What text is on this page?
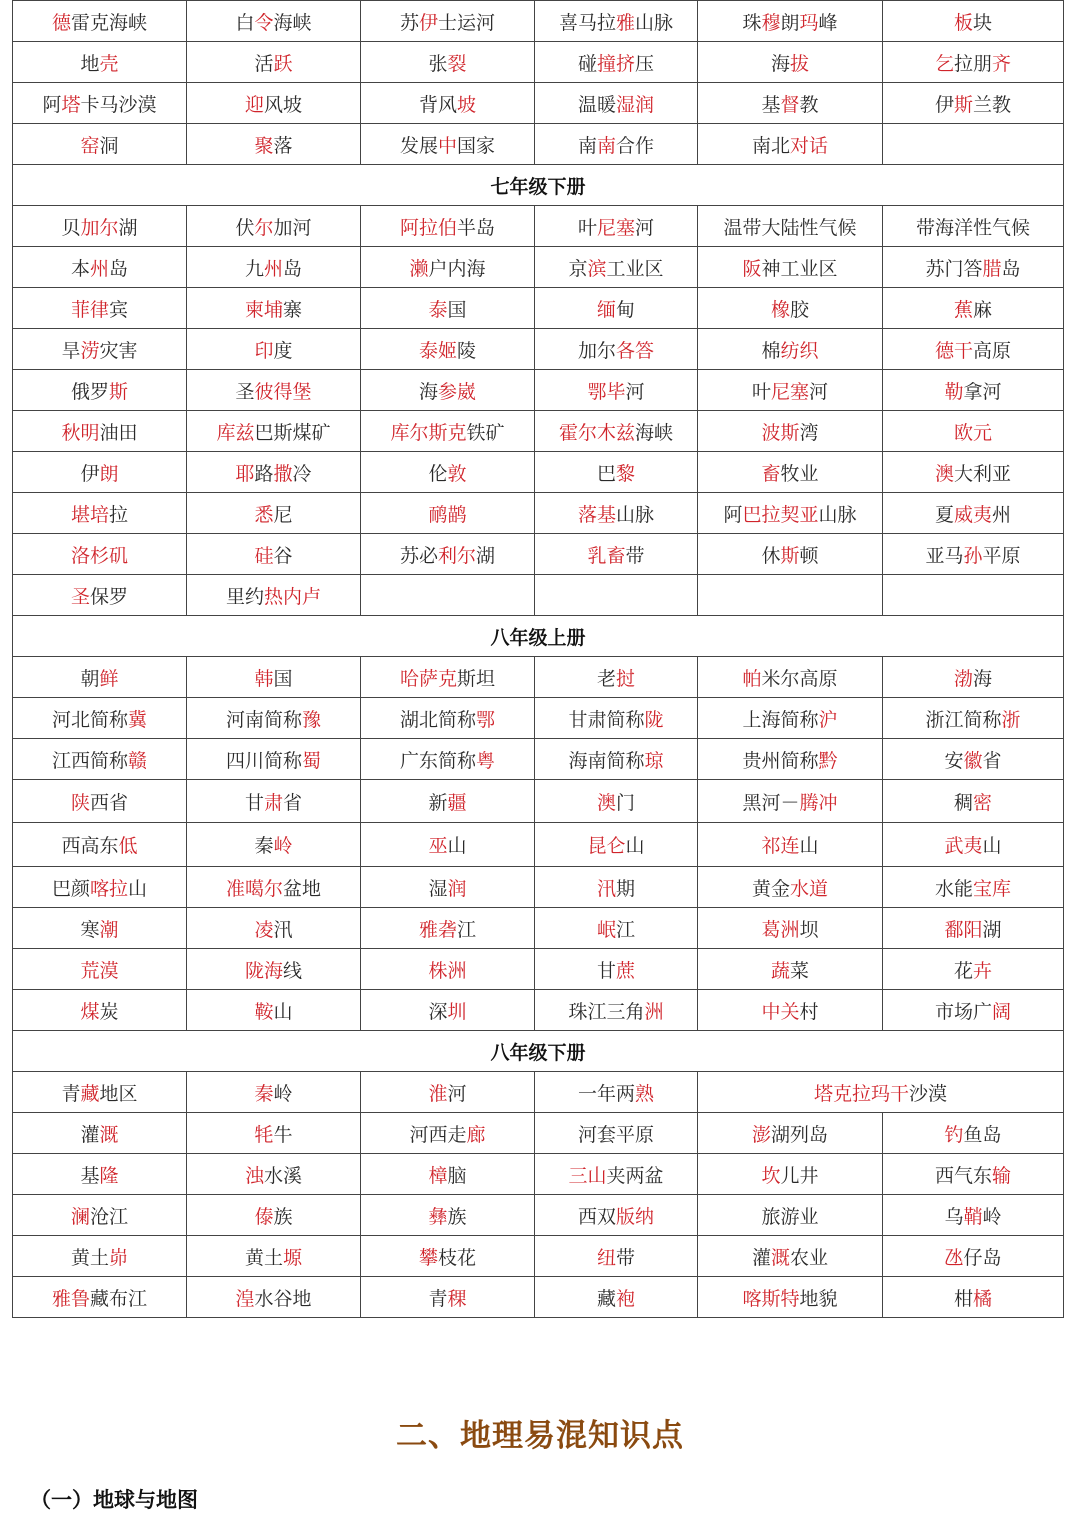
德雷克海峡	白令海峡	苏伊士运河	喜马拉雅山脉	珠穆朗玛峰	板块
地壳	活跃	张裂	碰撞挤压	海拔	乞拉朋齐
阿塔卡马沙漠	迎风坡	背风坡	温暖湿润	基督教	伊斯兰教
窑洞	聚落	发展中国家	南南合作	南北对话	
七年级下册					
贝加尔湖	伏尔加河	阿拉伯半岛	叶尼塞河	温带大陆性气候	带海洋性气候
本州岛	九州岛	濑户内海	京滨工业区	阪神工业区	苏门答腊岛
菲律宾	柬埔寨	泰国	缅甸	橡胶	蕉麻
旱涝灾害	印度	泰姬陵	加尔各答	棉纺织	德干高原
俄罗斯	圣彼得堡	海参崴	鄂毕河	叶尼塞河	勒拿河
秋明油田	库兹巴斯煤矿	库尔斯克铁矿	霍尔木兹海峡	波斯湾	欧元
伊朗	耶路撒冷	伦敦	巴黎	畜牧业	澳大利亚
堪培拉	悉尼	鸸鹋	落基山脉	阿巴拉契亚山脉	夏威夷州
洛杉矶	硅谷	苏必利尔湖	乳畜带	休斯顿	亚马孙平原
圣保罗	里约热内卢				
八年级上册					
朝鲜	韩国	哈萨克斯坦	老挝	帕米尔高原	渤海
河北简称冀	河南简称豫	湖北简称鄂	甘肃简称陇	上海简称沪	浙江简称浙
江西简称赣	四川简称蜀	广东简称粤	海南简称琼	贵州简称黔	安徽省
陕西省	甘肃省	新疆	澳门	黑河－腾冲	稠密
西高东低	秦岭	巫山	昆仑山	祁连山	武夷山
巴颜喀拉山	准噶尔盆地	湿润	汛期	黄金水道	水能宝库
寒潮	凌汛	雅砻江	岷江	葛洲坝	鄱阳湖
荒漠	陇海线	株洲	甘蔗	蔬菜	花卉
煤炭	鞍山	深圳	珠江三角洲	中关村	市场广阔
八年级下册					
青藏地区	秦岭	淮河	一年两熟	塔克拉玛干沙漠	
灌溉	牦牛	河西走廊	河套平原	澎湖列岛	钓鱼岛
基隆	浊水溪	樟脑	三山夹两盆	坎儿井	西气东输
澜沧江	傣族	彝族	西双版纳	旅游业	乌鞘岭
黄土峁	黄土塬	攀枝花	纽带	灌溉农业	氹仔岛
雅鲁藏布江	湟水谷地	青稞	藏袍	喀斯特地貌	柑橘
二、地理易混知识点
（一）地球与地图
